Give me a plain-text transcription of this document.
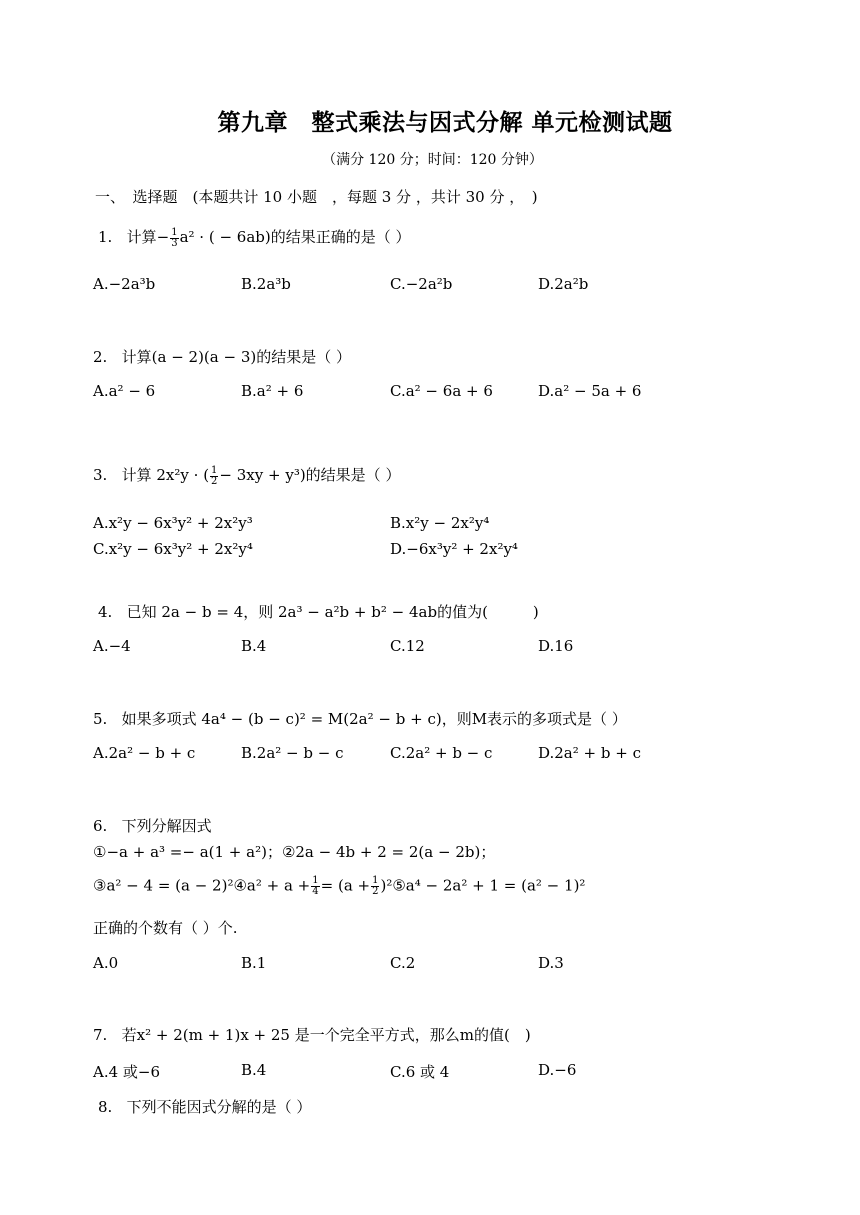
第九章　整式乘法与因式分解 单元检测试题
（满分 120 分；时间：120 分钟）
一、　选择题　(本题共计 10 小题　，每题 3 分 ，共计 30 分 ，　)
1. 计算− $\frac{1}{3} a^2$ · ( − 6ab)的结果正确的是（ ）
A.−2a³b	B.2a³b	C.−2a²b	D.2a²b
2. 计算(a − 2)(a − 3)的结果是（ ）
A.a² − 6	B.a² + 6	C.a² − 6a + 6	D.a² − 5a + 6
3. 计算 2x²y · ( $\frac{1}{2} - 3xy + y^3$)的结果是（ ）
A.x²y − 6x³y² + 2x²y³	B.x²y − 2x²y⁴
C.x²y − 6x³y² + 2x²y⁴	D.−6x³y² + 2x²y⁴
4. 已知 2a − b = 4，则 2a³ − a²b + b² − 4ab的值为(　　　)
A.−4	B.4	C.12	D.16
5. 如果多项式 4a⁴ − (b − c)² = M(2a² − b + c)，则M表示的多项式是（ ）
A.2a² − b + c	B.2a² − b − c	C.2a² + b − c	D.2a² + b + c
6. 下列分解因式
①−a + a³ =− a(1 + a²)；②2a − 4b + 2 = 2(a − 2b)；
③a² − 4 = (a − 2)²④a² + $a + \frac{1}{4} = (a + \frac{1}{2}$ )²⑤a⁴ − 2a² + 1 = (a² − 1)²
正确的个数有（ ）个.
A.0	B.1	C.2	D.3
7. 若x² + 2(m + 1)x + 25 是一个完全平方式，那么m的值(　)
A.4 或−6	B.4	C.6 或 4	D.−6
8. 下列不能因式分解的是（ ）
